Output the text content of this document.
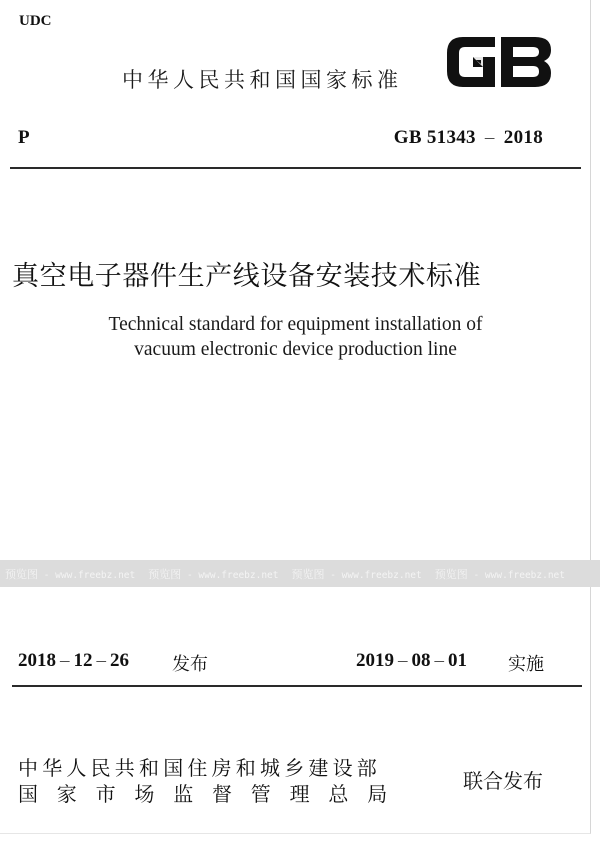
UDC
中华人民共和国国家标准
P	GB 51343 – 2018
真空电子器件生产线设备安装技术标准
Technical standard for equipment installation of
vacuum electronic device production line
2018 – 12 – 26 发布	2019 – 08 – 01 实施
中华人民共和国住房和城乡建设部
国家市场监督管理总局
联合发布
预览图 - www.freebz.net 预览图 - www.freebz.net 预览图 - www.freebz.net 预览图 - www.freebz.net
